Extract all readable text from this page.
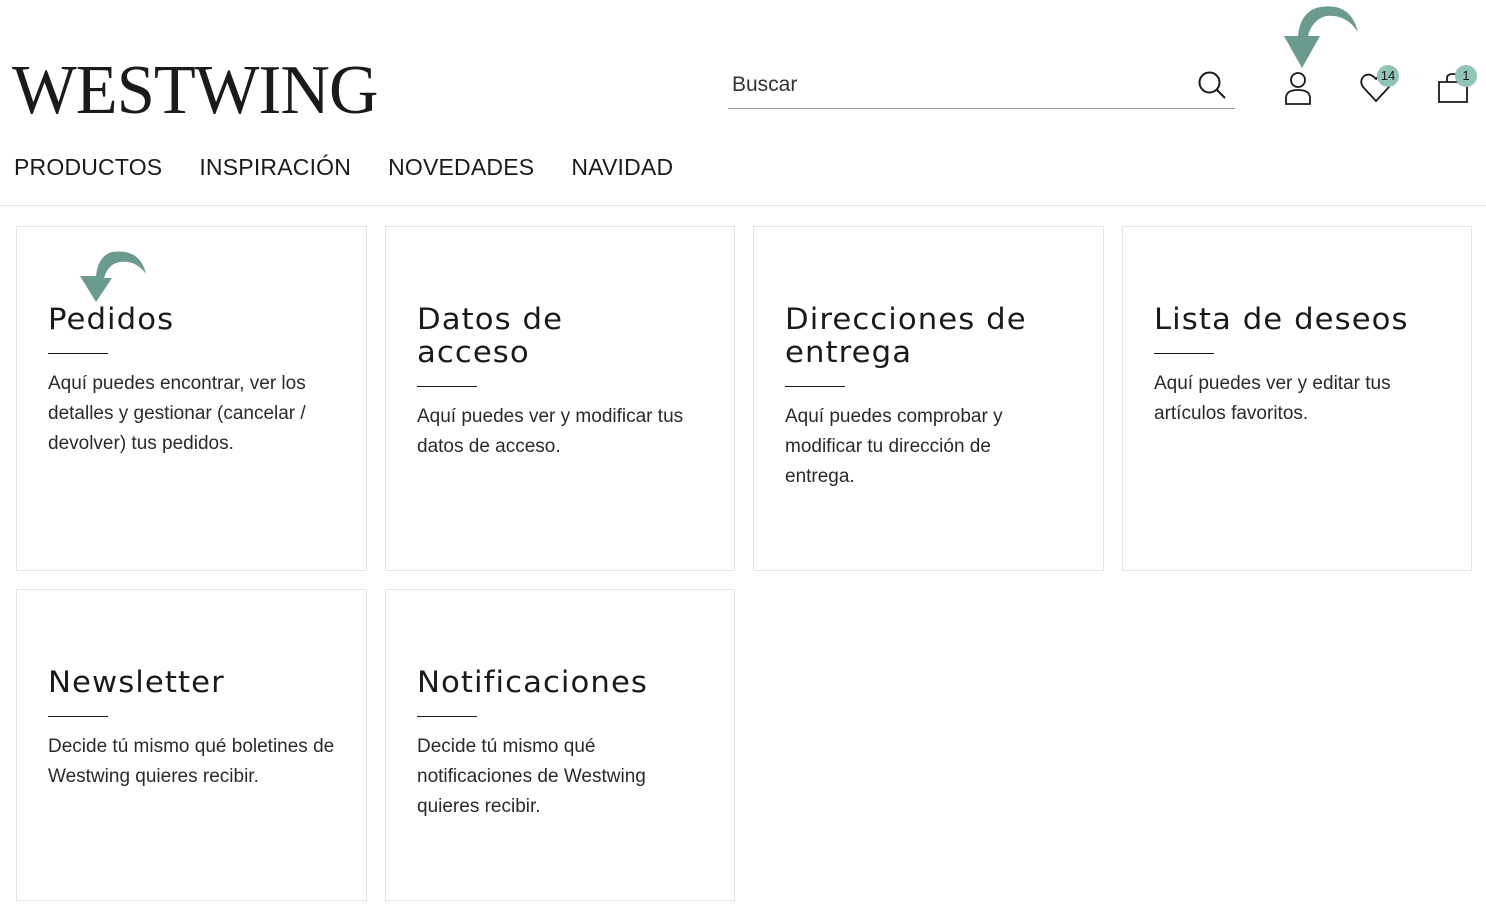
WESTWING
Buscar	14	1
PRODUCTOS INSPIRACIÓN NOVEDADES NAVIDAD
Pedidos
Aquí puedes encontrar, ver los detalles y gestionar (cancelar / devolver) tus pedidos.
Datos de acceso
Aquí puedes ver y modificar tus datos de acceso.
Direcciones de entrega
Aquí puedes comprobar y modificar tu dirección de entrega.
Lista de deseos
Aquí puedes ver y editar tus artículos favoritos.
Newsletter
Decide tú mismo qué boletines de Westwing quieres recibir.
Notificaciones
Decide tú mismo qué notificaciones de Westwing quieres recibir.
